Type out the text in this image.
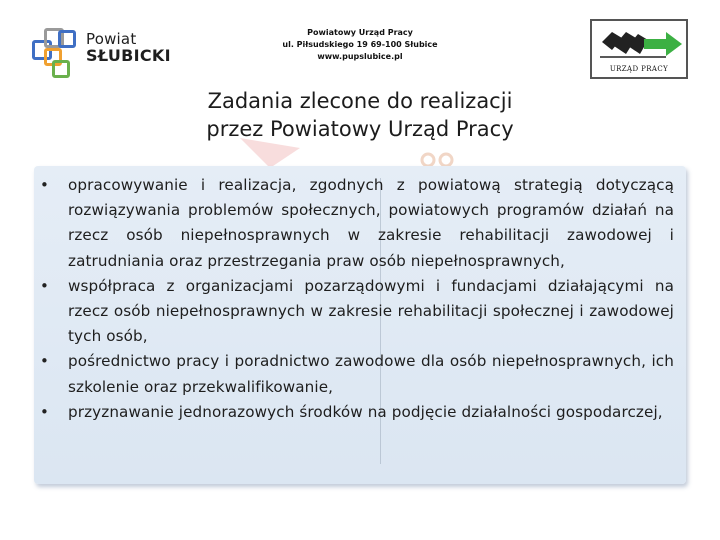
Powiat
SŁUBICKI
Powiatowy Urząd Pracy
ul. Piłsudskiego 19 69-100 Słubice
www.pupslubice.pl
URZĄD PRACY
Zadania zlecone do realizacji
przez Powiatowy Urząd Pracy
• opracowywanie i realizacja, zgodnych z powiatową strategią dotyczącą rozwiązywania problemów społecznych, powiatowych programów działań na rzecz osób niepełnosprawnych w zakresie rehabilitacji zawodowej i zatrudniania oraz przestrzegania praw osób niepełnosprawnych,
• współpraca z organizacjami pozarządowymi i fundacjami działającymi na rzecz osób niepełnosprawnych w zakresie rehabilitacji społecznej i zawodowej tych osób,
• pośrednictwo pracy i poradnictwo zawodowe dla osób niepełnosprawnych, ich szkolenie oraz przekwalifikowanie,
• przyznawanie jednorazowych środków na podjęcie działalności gospodarczej,
